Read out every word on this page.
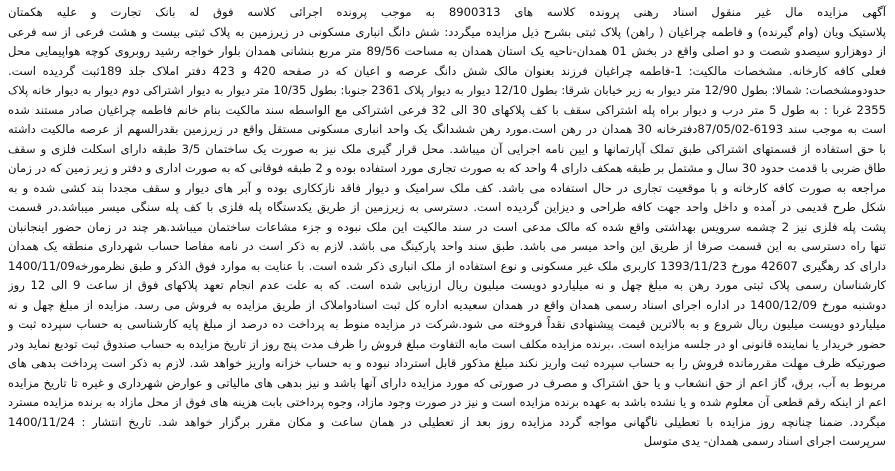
آگهی مزایده مال غیر منقول اسناد رهنی پرونده کلاسه های 8900313 به موجب پرونده اجرائی کلاسه فوق له بانک تجارت و علیه هکمتان
پلاستیک ویان (وام گیرنده) و فاطمه چراغیان ( راهن) پلاک ثبتی بشرح ذیل مزایده میگردد: شش دانگ انباری مسکونی در زیرزمین به پلاک ثبتی بیست و هشت فرعی از سه فرعی
از دوهزارو سیصدو شصت و دو اصلی واقع در بخش 01 همدان-ناحیه یک استان همدان به مساحت 89/56 متر مربع بنشانی همدان بلوار خواجه رشید روبروی کوچه هواپیمایی محل
فعلی کافه کارخانه. مشخصات مالکیت: 1-فاطمه چراغیان فرزند بعنوان مالک شش دانگ عرصه و اعیان که در صفحه 420 و 423 دفتر املاک جلد 189ثبت گردیده است.
حدودومشخصات: شمالا: بطول 12/90 متر دیوار به زیر خیابان شرقا: بطول 12/10 دیوار به دیوار پلاک 2361 جنوبا: بطول 10/35 متر دیوار به دیوار اشتراکی دوم دیوار به دیوار خانه پلاک
2355 غربا : به طول 5 متر درب و دیوار براه پله اشتراکی سقف با کف پلاکهای 30 الی 32 فرعی اشتراکی مع الواسطه سند مالکیت بنام خانم فاطمه چراغیان صادر مستند شده
است به موجب سند 6193-87/05/02دفترخانه 30 همدان در رهن است.مورد رهن ششدانگ یک واحد انباری مسکونی مستقل واقع در زیرزمین بقدرالسهم از عرصه مالکیت داشته
با حق استفاده از قسمتهای اشتراکی طبق تملک آپارتمانها و ایین نامه اجرایی آن میباشد. محل قرار گیری ملک نیز به صورت یک ساختمان 3/5 طبقه دارای اسکلت فلزی و سقف
طاق ضربی با قدمت حدود 30 سال و مشتمل بر طبقه همکف دارای 4 واحد که به صورت تجاری مورد استفاده بوده و 2 طبقه فوقانی که به صورت اداری و دفتر و زیر زمین که در زمان
مراجعه به صورت کافه کارخانه و با موقعیت تجاری در حال استفاده می باشد. کف ملک سرامیک و دیوار فاقد نازککاری بوده و آبر های دیوار و سقف مجددا بند کشی شده و به
شکل طرح قدیمی در آمده و داخل واحد جهت کافه طراحی و دیزاین گردیده است. دسترسی به زیرزمین از طریق یکدستگاه پله فلزی با کف پله سنگی میسر میباشد.در قسمت
پشت پله فلزی نیز 2 چشمه سرویس بهداشتی واقع شده که مالک مدعی است در سند مالکیت این ملک نبوده و جزء مشاعات ساختمان میباشد.هر چند در زمان حضور اینجانبان
تنها راه دسترسی به این قسمت صرفا از طریق این واحد میسر می باشد. طبق سند واحد پارکینگ می باشد. لازم به ذکر است در نامه مفاصا حساب شهرداری منطقه یک همدان
دارای کد رهگیری 42607 مورخ 1393/11/23 کاربری ملک غیر مسکونی و نوع استفاده از ملک انباری ذکر شده است. با عنایت به موارد فوق الذکر و طبق نظرمورخه1400/11/09
کارشناسان رسمی پلاک ثبتی مورد رهن به مبلغ چهل و نه میلیاردو دویست میلیون ریال ارزیابی شده است. که به علت عدم انجام تعهد پلاکهای فوق از ساعت 9 الی 12 روز
دوشنبه مورخ 1400/12/09 در اداره اجرای اسناد رسمی همدان واقع در همدان سعیدیه اداره کل ثبت اسنادواملاک از طریق مزایده به فروش می رسد. مزایده از مبلغ چهل و نه
میلیاردو دویست میلیون ریال شروع و به بالاترین قیمت پیشنهادی نقداً فروخته می شود.شرکت در مزایده منوط به پرداخت ده درصد از مبلغ پایه کارشناسی به حساب سپرده ثبت و
حضور خریدار یا نماینده قانونی او در جلسه مزایده است. ،برنده مزایده مکلف است مابه التفاوت مبلغ فروش را ظرف مدت پنج روز از تاریخ مزایده به حساب صندوق ثبت تودیع نماید ودر
صورتیکه ظرف مهلت مقررمانده فروش را به حساب سپرده ثبت واریز نکند مبلغ مذکور قابل استرداد نبوده و به حساب خزانه واریز خواهد شد. لازم به ذکر است پرداخت بدهی های
مربوط به آب، برق، گاز اعم از حق انشعاب و یا حق اشتراک و مصرف در صورتی که مورد مزایده دارای آنها باشد و نیز بدهی های مالیاتی و عوارض شهرداری و غیره تا تاریخ مزایده
اعم از اینکه رقم قطعی آن معلوم شده و یا نشده باشد به عهده برنده مزایده است و نیز در صورت وجود مازاد، وجوه پرداختی بابت هزینه های فوق از محل مازاد به برنده مزایده مسترد
میگردد. ضمنا چنانچه روز مزایده با تعطیلی ناگهانی مواجه گردد مزایده روز بعد از تعطیلی در همان ساعت و مکان مقرر برگزار خواهد شد. تاریخ انتشار : 1400/11/24
سرپرست اجرای اسناد رسمی همدان- یدی متوسل
